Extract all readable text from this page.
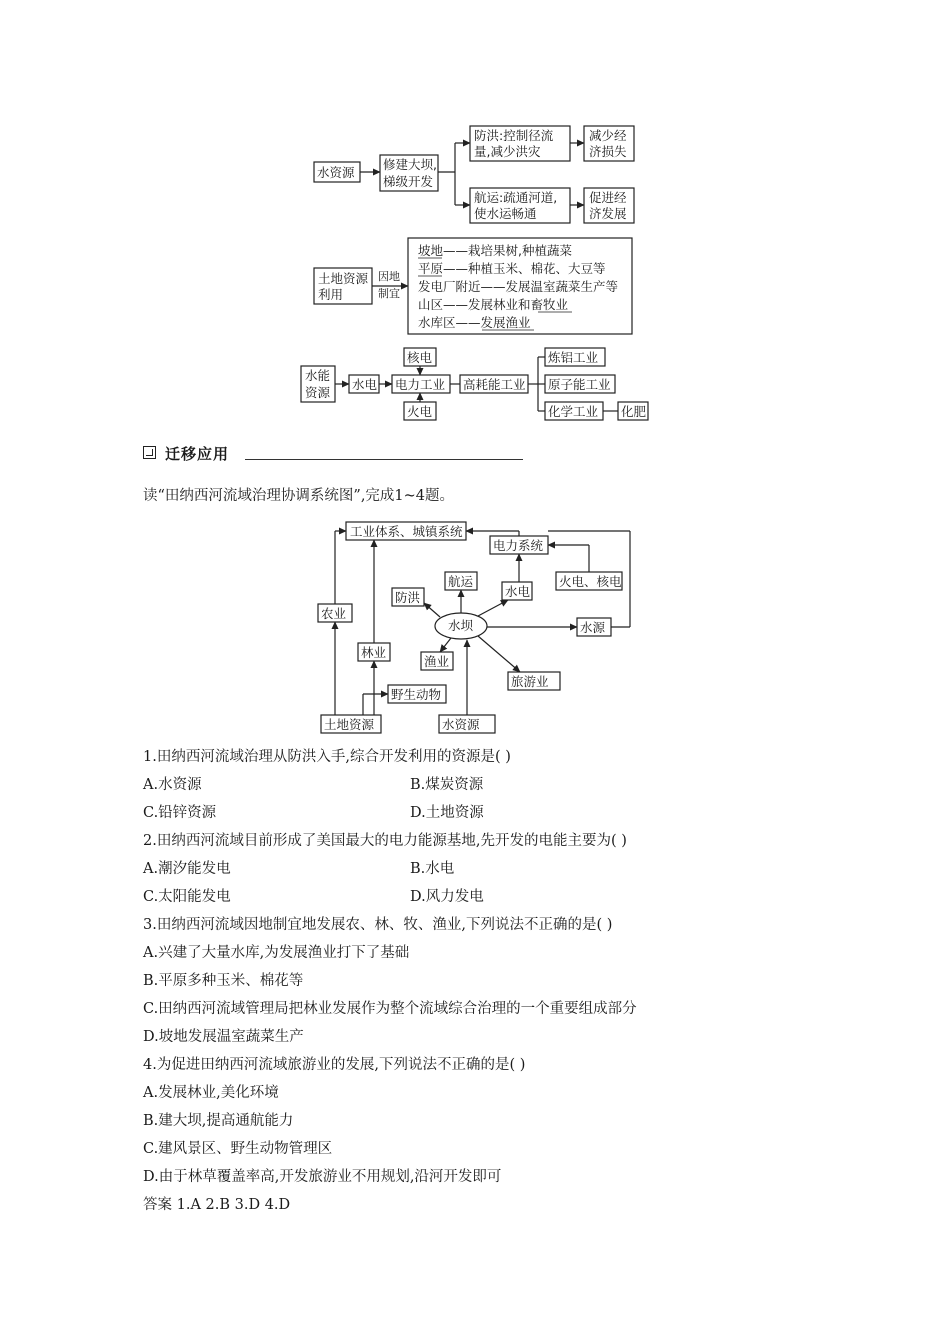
水资源
修建大坝,
梯级开发
防洪:控制径流
量,减少洪灾
减少经
济损失
航运:疏通河道,
使水运畅通
促进经
济发展
土地资源
利用
因地
制宜
坡地——栽培果树,种植蔬菜
平原——种植玉米、棉花、大豆等
发电厂附近——发展温室蔬菜生产等
山区——发展林业和畜牧业
水库区——发展渔业
水能
资源
水电
核电
电力工业
火电
高耗能工业
炼铝工业
原子能工业
化学工业 化肥
工业体系、城镇系统
电力系统
防洪
航运
水电
火电、核电
农业
水坝	水源
林业
渔业
旅游业
野生动物
土地资源	水资源
迁移应用
读“田纳西河流域治理协调系统图”,完成1~4题。
1.田纳西河流域治理从防洪入手,综合开发利用的资源是( )
A.水资源	B.煤炭资源
C.铅锌资源	D.土地资源
2.田纳西河流域目前形成了美国最大的电力能源基地,先开发的电能主要为( )
A.潮汐能发电	B.水电
C.太阳能发电	D.风力发电
3.田纳西河流域因地制宜地发展农、林、牧、渔业,下列说法不正确的是( )
A.兴建了大量水库,为发展渔业打下了基础
B.平原多种玉米、棉花等
C.田纳西河流域管理局把林业发展作为整个流域综合治理的一个重要组成部分
D.坡地发展温室蔬菜生产
4.为促进田纳西河流域旅游业的发展,下列说法不正确的是( )
A.发展林业,美化环境
B.建大坝,提高通航能力
C.建风景区、野生动物管理区
D.由于林草覆盖率高,开发旅游业不用规划,沿河开发即可
答案 1.A 2.B 3.D 4.D
